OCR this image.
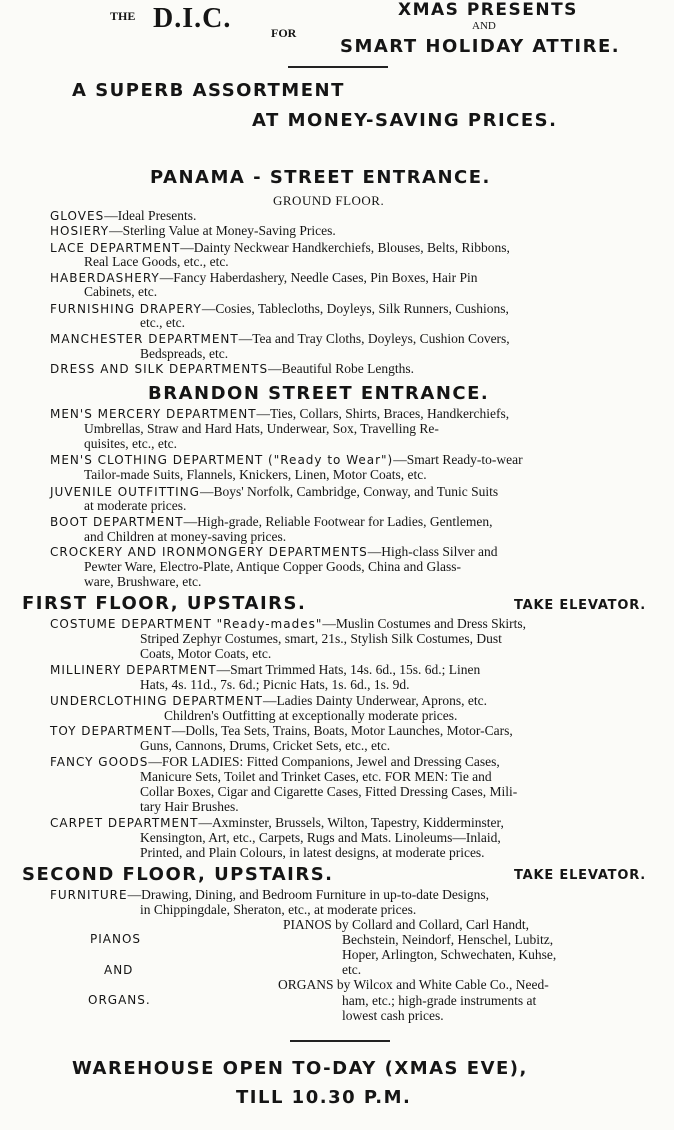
THE D.I.C.	FOR
XMAS PRESENTS
AND
SMART HOLIDAY ATTIRE.
A SUPERB ASSORTMENT
AT MONEY-SAVING PRICES.
PANAMA - STREET ENTRANCE.
GROUND FLOOR.
GLOVES—Ideal Presents.
HOSIERY—Sterling Value at Money-Saving Prices.
LACE DEPARTMENT—Dainty Neckwear Handkerchiefs, Blouses, Belts, Ribbons,
Real Lace Goods, etc., etc.
HABERDASHERY—Fancy Haberdashery, Needle Cases, Pin Boxes, Hair Pin
Cabinets, etc.
FURNISHING DRAPERY—Cosies, Tablecloths, Doyleys, Silk Runners, Cushions,
etc., etc.
MANCHESTER DEPARTMENT—Tea and Tray Cloths, Doyleys, Cushion Covers,
Bedspreads, etc.
DRESS AND SILK DEPARTMENTS—Beautiful Robe Lengths.
BRANDON STREET ENTRANCE.
MEN'S MERCERY DEPARTMENT—Ties, Collars, Shirts, Braces, Handkerchiefs,
Umbrellas, Straw and Hard Hats, Underwear, Sox, Travelling Re-
quisites, etc., etc.
MEN'S CLOTHING DEPARTMENT ("Ready to Wear")—Smart Ready-to-wear
Tailor-made Suits, Flannels, Knickers, Linen, Motor Coats, etc.
JUVENILE OUTFITTING—Boys' Norfolk, Cambridge, Conway, and Tunic Suits
at moderate prices.
BOOT DEPARTMENT—High-grade, Reliable Footwear for Ladies, Gentlemen,
and Children at money-saving prices.
CROCKERY AND IRONMONGERY DEPARTMENTS—High-class Silver and
Pewter Ware, Electro-Plate, Antique Copper Goods, China and Glass-
ware, Brushware, etc.
FIRST FLOOR, UPSTAIRS.	TAKE ELEVATOR.
COSTUME DEPARTMENT "Ready-mades"—Muslin Costumes and Dress Skirts,
Striped Zephyr Costumes, smart, 21s., Stylish Silk Costumes, Dust
Coats, Motor Coats, etc.
MILLINERY DEPARTMENT—Smart Trimmed Hats, 14s. 6d., 15s. 6d.; Linen
Hats, 4s. 11d., 7s. 6d.; Picnic Hats, 1s. 6d., 1s. 9d.
UNDERCLOTHING DEPARTMENT—Ladies Dainty Underwear, Aprons, etc.
Children's Outfitting at exceptionally moderate prices.
TOY DEPARTMENT—Dolls, Tea Sets, Trains, Boats, Motor Launches, Motor-Cars,
Guns, Cannons, Drums, Cricket Sets, etc., etc.
FANCY GOODS—FOR LADIES: Fitted Companions, Jewel and Dressing Cases,
Manicure Sets, Toilet and Trinket Cases, etc. FOR MEN: Tie and
Collar Boxes, Cigar and Cigarette Cases, Fitted Dressing Cases, Mili-
tary Hair Brushes.
CARPET DEPARTMENT—Axminster, Brussels, Wilton, Tapestry, Kidderminster,
Kensington, Art, etc., Carpets, Rugs and Mats. Linoleums—Inlaid,
Printed, and Plain Colours, in latest designs, at moderate prices.
SECOND FLOOR, UPSTAIRS.	TAKE ELEVATOR.
FURNITURE—Drawing, Dining, and Bedroom Furniture in up-to-date Designs,
in Chippingdale, Sheraton, etc., at moderate prices.
PIANOS
AND
ORGANS.
PIANOS by Collard and Collard, Carl Handt,
Bechstein, Neindorf, Henschel, Lubitz,
Hoper, Arlington, Schwechaten, Kuhse,
etc.
ORGANS by Wilcox and White Cable Co., Need-
ham, etc.; high-grade instruments at
lowest cash prices.
WAREHOUSE OPEN TO-DAY (XMAS EVE),
TILL 10.30 P.M.
